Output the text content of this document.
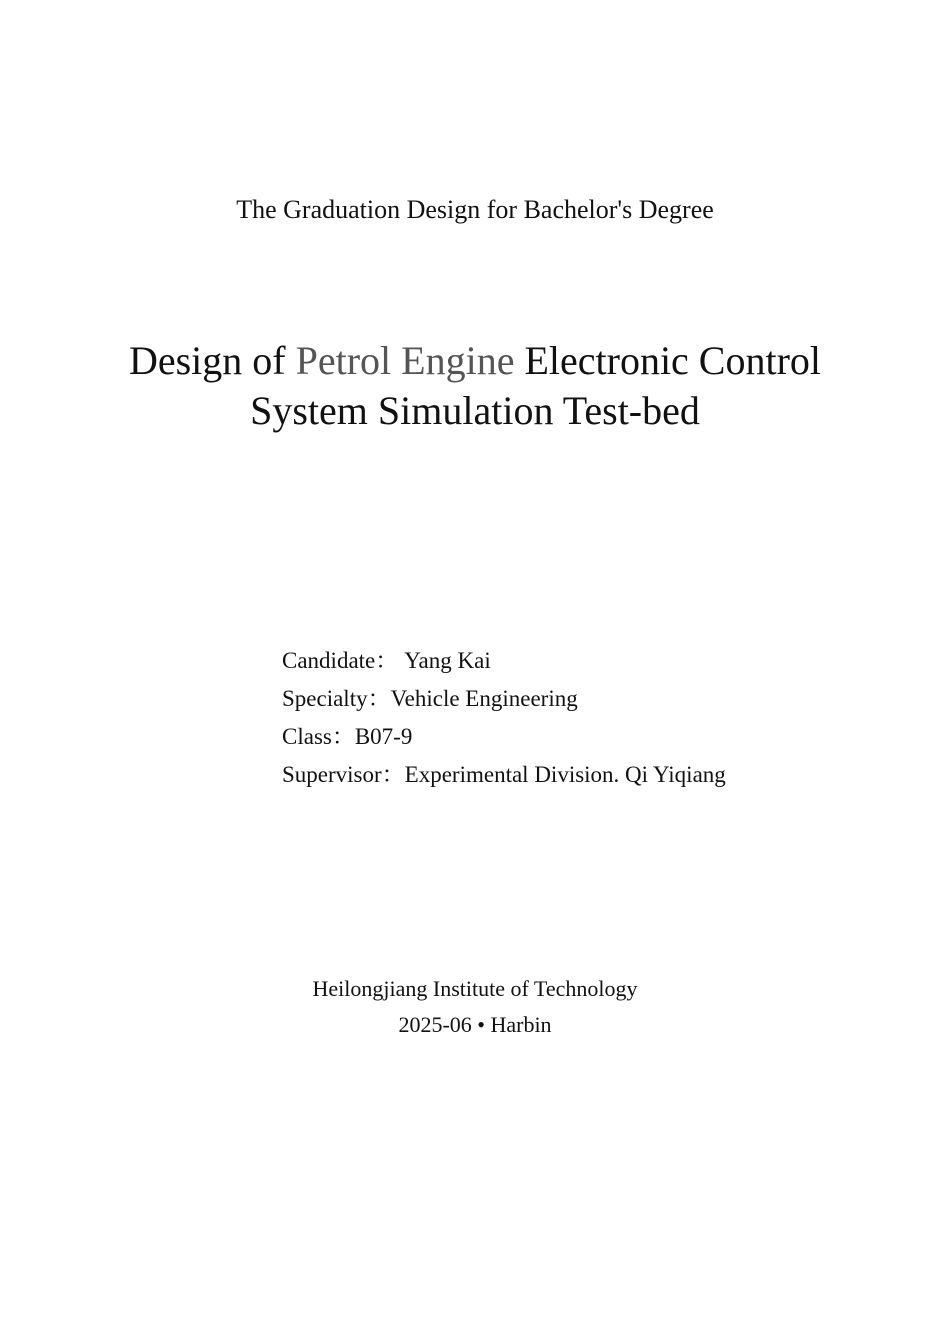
The Graduation Design for Bachelor's Degree
Design of Petrol Engine Electronic Control
System Simulation Test-bed
Candidate： Yang Kai
Specialty：Vehicle Engineering
Class：B07-9
Supervisor：Experimental Division. Qi Yiqiang
Heilongjiang Institute of Technology
2025-06 • Harbin
